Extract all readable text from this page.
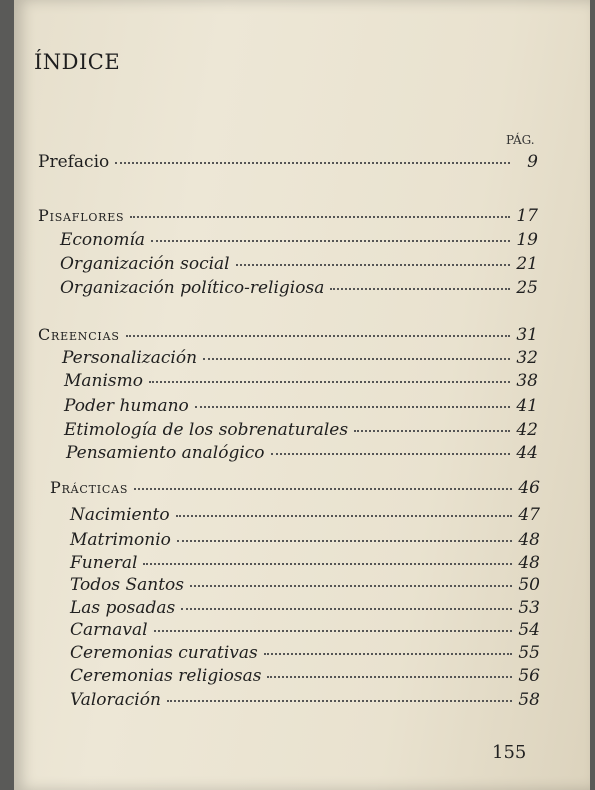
ÍNDICE
PÁG.
Prefacio	9
Pisaflores	17
Economía	19
Organización social	21
Organización político-religiosa	25
Creencias	31
Personalización	32
Manismo	38
Poder humano	41
Etimología de los sobrenaturales	42
Pensamiento analógico	44
Prácticas	46
Nacimiento	47
Matrimonio	48
Funeral	48
Todos Santos	50
Las posadas	53
Carnaval	54
Ceremonias curativas	55
Ceremonias religiosas	56
Valoración	58
155
